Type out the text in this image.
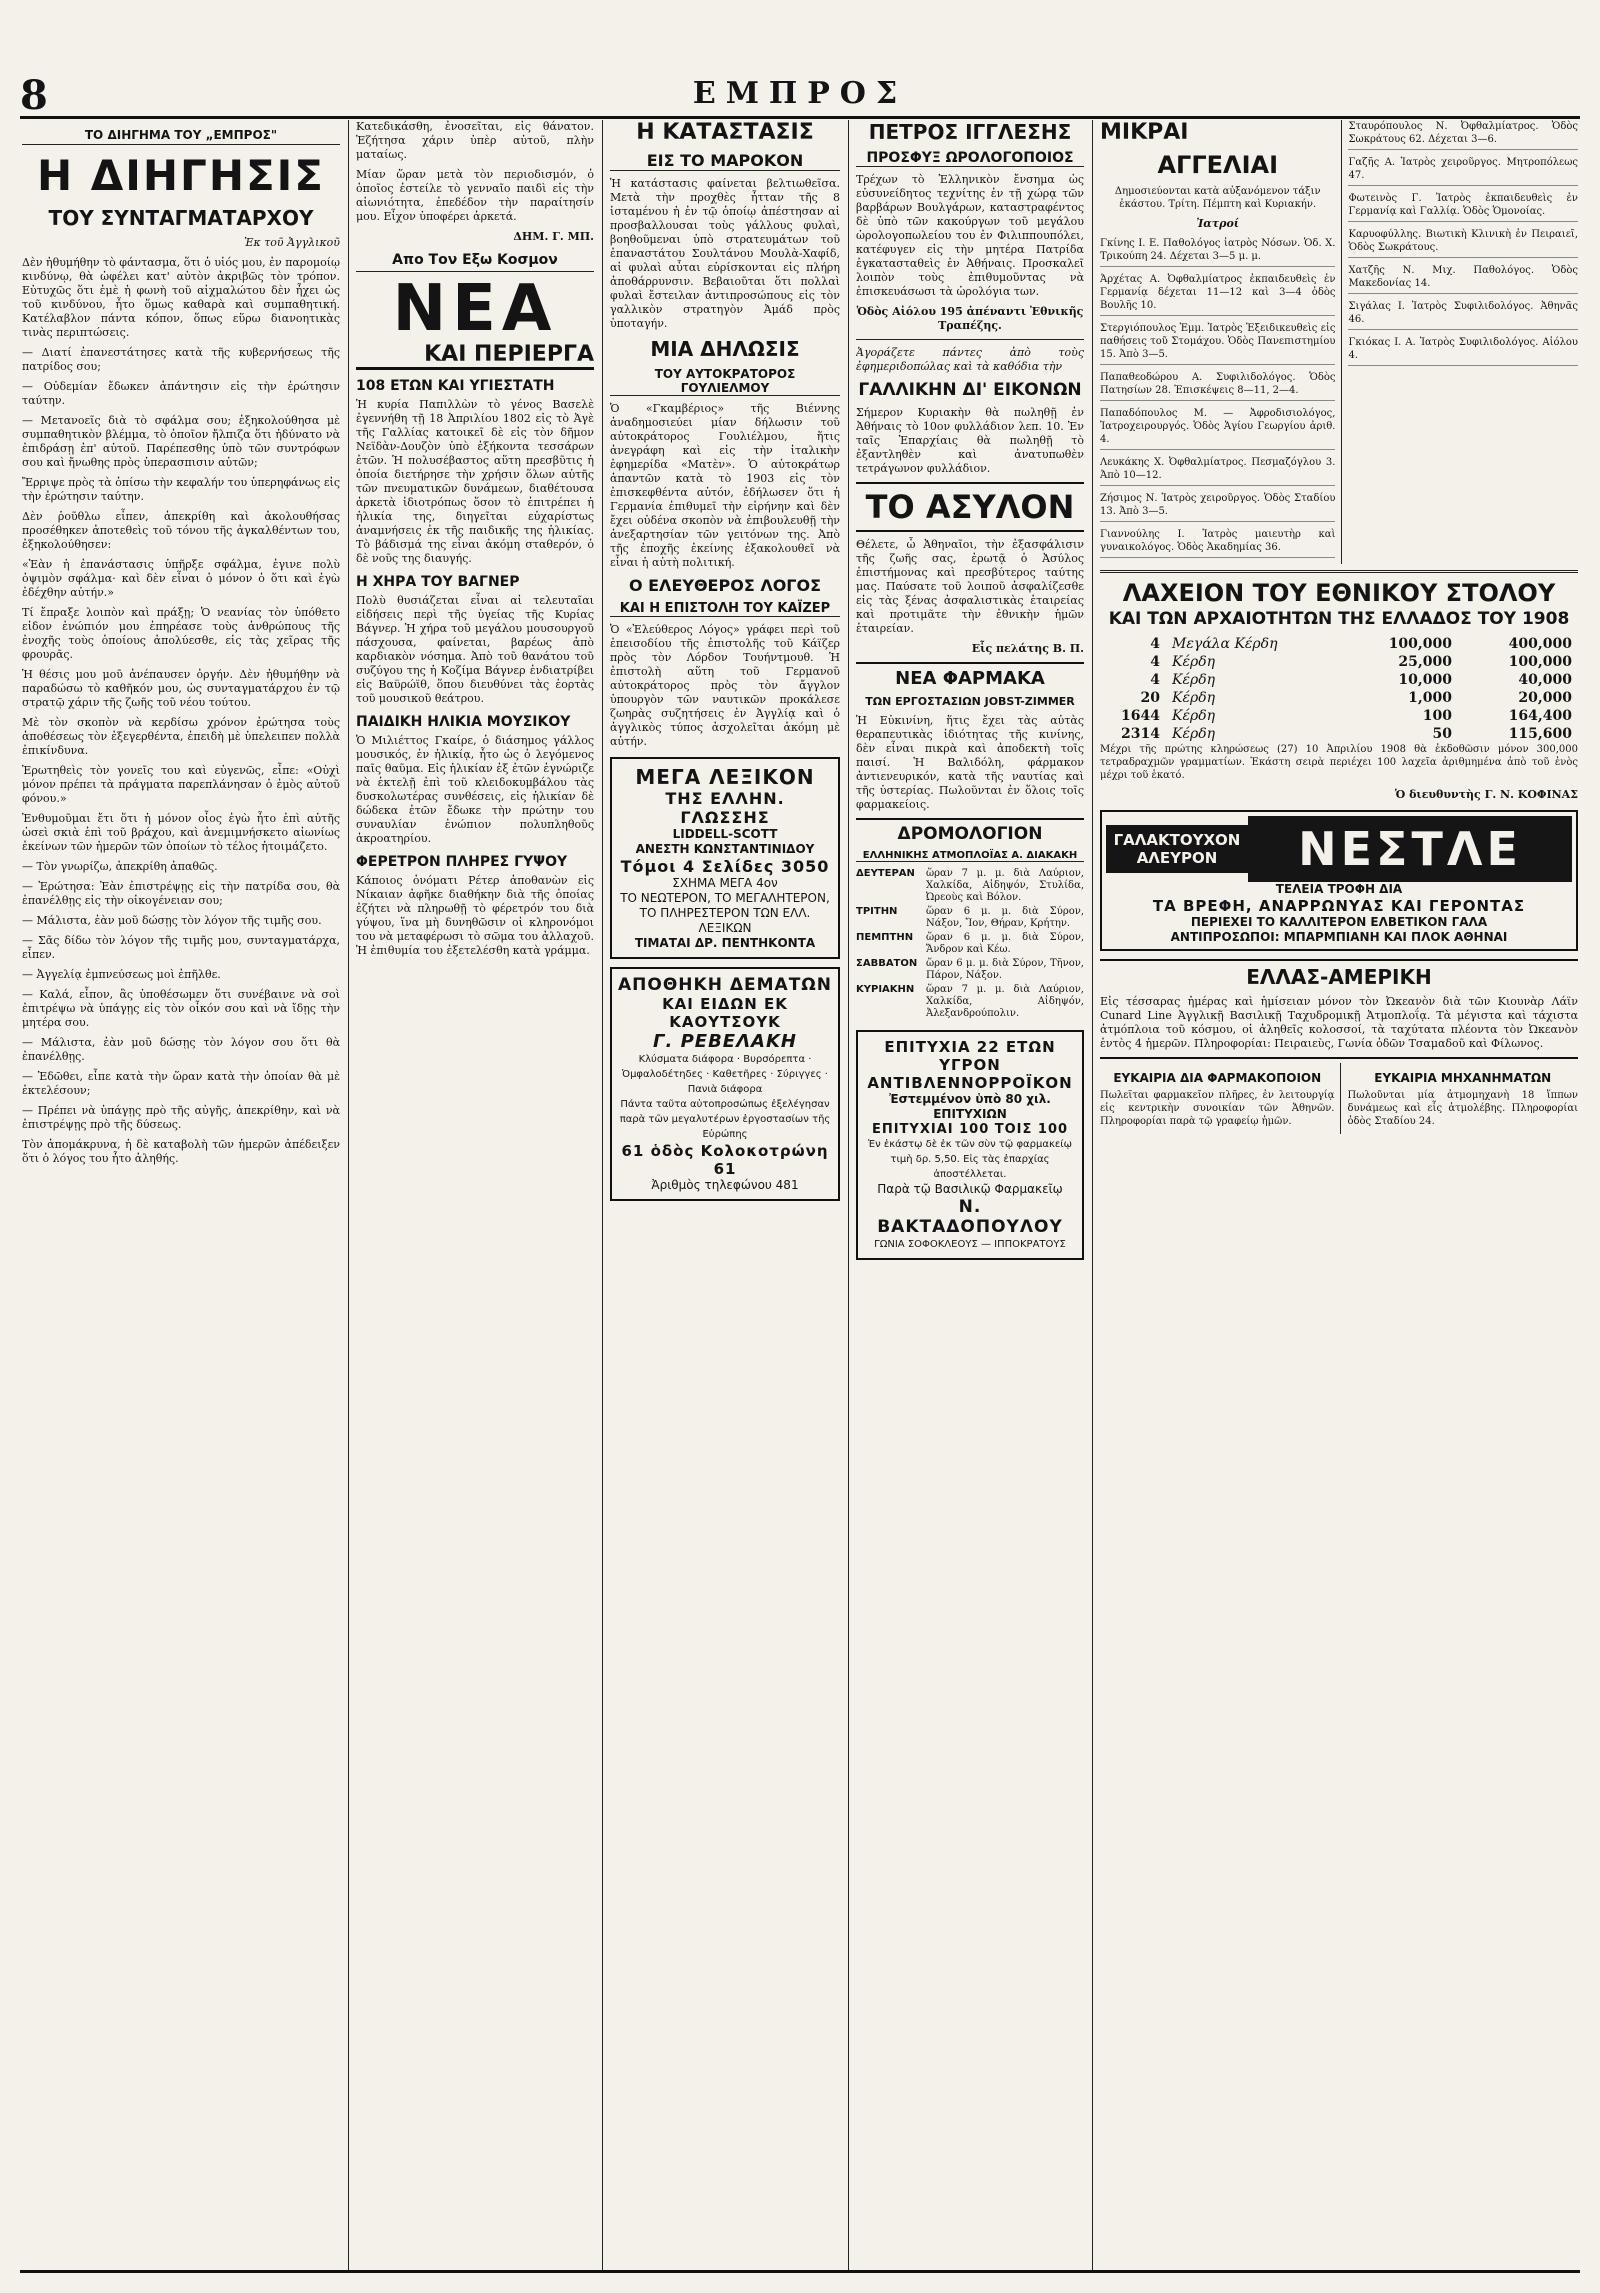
8	ΕΜΠΡΟΣ
ΤΟ ΔΙΗΓΗΜΑ ΤΟΥ „ΕΜΠΡΟΣ"
Η ΔΙΗΓΗΣΙΣ
ΤΟΥ ΣΥΝΤΑΓΜΑΤΑΡΧΟΥ
Ἐκ τοῦ Ἀγγλικοῦ

Δὲν ἠθυμήθην τὸ φάντασμα, ὅτι ὁ υἱός μου, ἐν παρομοίῳ κινδύνῳ, θὰ ὠφέλει κατ' αὐτὸν ἀκριβῶς τὸν τρόπον. Εὐτυχῶς ὅτι ἐμὲ ἡ φωνὴ τοῦ αἰχμαλώτου δὲν ἦχει ὡς τοῦ κινδύνου, ἦτο ὅμως καθαρὰ καὶ συμπαθητική. Κατέλαβλον πάντα κόπον, ὅπως εὕρω διανοητικὰς τινὰς περιπτώσεις.

— Διατί ἐπανεστάτησες κατὰ τῆς κυβερνήσεως τῆς πατρίδος σου;

— Οὐδεμίαν ἔδωκεν ἀπάντησιν εἰς τὴν ἐρώτησιν ταύτην.

— Μετανοεῖς διὰ τὸ σφάλμα σου; ἐξηκολούθησα μὲ συμπαθητικὸν βλέμμα, τὸ ὁποῖον ἤλπιζα ὅτι ἠδύνατο νὰ ἐπιδράσῃ ἐπ' αὐτοῦ. Παρέπεσθης ὑπὸ τῶν συντρόφων σου καὶ ἤνωθης πρὸς ὑπερασπισιν αὐτῶν;

Ἔρριψε πρὸς τὰ ὀπίσω τὴν κεφαλήν του ὑπερηφάνως εἰς τὴν ἐρώτησιν ταύτην.

Δὲν ῥοῦθλω εἶπεν, ἀπεκρίθη καὶ ἀκολουθήσας προσέθηκεν ἀποτεθεὶς τοῦ τόνου τῆς ἀγκαλθέντων του, ἐξηκολούθησεν:

«Ἐὰν ἡ ἐπανάστασις ὑπῆρξε σφάλμα, ἐγινε πολὺ ὀψιμὸν σφάλμα· καὶ δὲν εἶναι ὁ μόνον ὁ ὅτι καὶ ἐγὼ ἐδέχθην αὐτήν.»

Τί ἔπραξε λοιπὸν καὶ πράξῃ; Ὁ νεανίας τὸν ὑπόθετο εἰδον ἐνώπιόν μου ἐπηρέασε τοὺς ἀνθρώπους τῆς ἐνοχῆς τοὺς ὁποίους ἀπολύεσθε, εἰς τὰς χεῖρας τῆς φρουρᾶς.

Ἡ θέσις μου μοῦ ἀνέπαυσεν ὀργήν. Δὲν ἠθυμήθην νὰ παραδώσω τὸ καθῆκόν μου, ὡς συνταγματάρχου ἐν τῷ στρατῷ χάριν τῆς ζωῆς τοῦ νέου τούτου.

Μὲ τὸν σκοπὸν νὰ κερδίσω χρόνον ἐρώτησα τοὺς ἀποθέσεως τὸν ἐξεγερθέντα, ἐπειδὴ μὲ ὑπελειπεν πολλὰ ἐπικίνδυνα.

Ἐρωτηθεὶς τὸν γονεῖς του καὶ εὐγενῶς, εἶπε: «Οὐχὶ μόνον πρέπει τὰ πράγματα παρεπλάνησαν ὁ ἐμὸς αὐτοῦ φόνου.»

Ἐνθυμοῦμαι ἔτι ὅτι ἡ μόνον οἷος ἐγὼ ἦτο ἐπὶ αὐτῆς ὡσεὶ σκιὰ ἐπὶ τοῦ βράχου, καὶ ἀνεμιμνήσκετο αἰωνίως ἐκείνων τῶν ἡμερῶν τῶν ὁποίων τὸ τέλος ἠτοιμάζετο.

— Τὸν γνωρίζω, ἀπεκρίθη ἀπαθῶς.

— Ἐρώτησα: Ἐὰν ἐπιστρέψῃς εἰς τὴν πατρίδα σου, θὰ ἐπανέλθῃς εἰς τὴν οἰκογένειαν σου;

— Μάλιστα, ἐὰν μοῦ δώσῃς τὸν λόγον τῆς τιμῆς σου.

— Σᾶς δίδω τὸν λόγον τῆς τιμῆς μου, συνταγματάρχα, εἶπεν.

— Ἀγγελίᾳ ἐμπνεύσεως μοὶ ἐπῆλθε.

— Καλά, εἶπον, ἂς ὑποθέσωμεν ὅτι συνέβαινε νὰ σοὶ ἐπιτρέψω νὰ ὑπάγῃς εἰς τὸν οἶκόν σου καὶ νὰ ἴδῃς τὴν μητέρα σου.

— Μάλιστα, ἐὰν μοῦ δώσῃς τὸν λόγον σου ὅτι θὰ ἐπανέλθῃς.

— Ἐδῶθει, εἶπε κατὰ τὴν ὥραν κατὰ τὴν ὁποίαν θὰ μὲ ἐκτελέσουν;

— Πρέπει νὰ ὑπάγῃς πρὸ τῆς αὐγῆς, ἀπεκρίθην, καὶ νὰ ἐπιστρέψῃς πρὸ τῆς δύσεως.

Τὸν ἀπομάκρυνα, ἡ δὲ καταβολὴ τῶν ἡμερῶν ἀπέδειξεν ὅτι ὁ λόγος του ἦτο ἀληθής.

Κατεδικάσθη, ἐνοσεῖται, εἰς θάνατον. Ἐζήτησα χάριν ὑπὲρ αὐτοῦ, πλὴν ματαίως.

Μίαν ὥραν μετὰ τὸν περιοδισμόν, ὁ ὁποῖος ἐστείλε τὸ γενναῖο παιδὶ εἰς τὴν αἰωνιότητα, ἐπεδέδον τὴν παραίτησίν μου. Εἶχον ὑποφέρει ἀρκετά.

ΔΗΜ. Γ. ΜΠ.
Απο Τον Εξω Κοσμον
ΝΕΑ
ΚΑΙ ΠΕΡΙΕΡΓΑ
108 ΕΤΩΝ ΚΑΙ ΥΓΙΕΣΤΑΤΗ
Ἡ κυρία Παπιλλὼν τὸ γένος Βασελὲ ἐγεννήθη τῇ 18 Ἀπριλίου 1802 εἰς τὸ Ἀγὲ τῆς Γαλλίας κατοικεῖ δὲ εἰς τὸν δῆμον Νεϊδὰν-Δουζὸν ὑπὸ ἐξήκοντα τεσσάρων ἐτῶν. Ἡ πολυσέβαστος αὕτη πρεσβῦτις ἡ ὁποία διετήρησε τὴν χρήσιν ὅλων αὐτῆς τῶν πνευματικῶν δυνάμεων, διαθέτουσα ἀρκετὰ ἰδιοτρόπως ὅσον τὸ ἐπιτρέπει ἡ ἡλικία της, διηγεῖται εὐχαρίστως ἀναμνήσεις ἐκ τῆς παιδικῆς της ἡλικίας. Τὸ βάδισμά της εἶναι ἀκόμη σταθερόν, ὁ δὲ νοῦς της διαυγής.
Η ΧΗΡΑ ΤΟΥ ΒΑΓΝΕΡ
Πολὺ θυσιάζεται εἶναι αἱ τελευταῖαι εἰδήσεις περὶ τῆς ὑγείας τῆς Κυρίας Βάγνερ. Ἡ χήρα τοῦ μεγάλου μουσουργοῦ πάσχουσα, φαίνεται, βαρέως ἀπὸ καρδιακὸν νόσημα. Ἀπὸ τοῦ θανάτου τοῦ συζύγου της ἡ Κοζίμα Βάγνερ ἐνδιατρίβει εἰς Βαϋρώϊθ, ὅπου διευθύνει τὰς ἑορτὰς τοῦ μουσικοῦ θεάτρου.
ΠΑΙΔΙΚΗ ΗΛΙΚΙΑ ΜΟΥΣΙΚΟΥ
Ὁ Μιλιέττος Γκαίρε, ὁ διάσημος γάλλος μουσικός, ἐν ἡλικίᾳ, ἦτο ὡς ὁ λεγόμενος παῖς θαῦμα. Εἰς ἡλικίαν ἐξ ἐτῶν ἐγνώριζε νὰ ἐκτελῇ ἐπὶ τοῦ κλειδοκυμβάλου τὰς δυσκολωτέρας συνθέσεις, εἰς ἡλικίαν δὲ δώδεκα ἐτῶν ἔδωκε τὴν πρώτην του συναυλίαν ἐνώπιον πολυπληθοῦς ἀκροατηρίου.
ΦΕΡΕΤΡΟΝ ΠΛΗΡΕΣ ΓΥΨΟΥ
Κάποιος ὀνόματι Ρέτερ ἀποθανὼν εἰς Νίκαιαν ἀφῆκε διαθήκην διὰ τῆς ὁποίας ἐζήτει νὰ πληρωθῇ τὸ φέρετρόν του διὰ γύψου, ἵνα μὴ δυνηθῶσιν οἱ κληρονόμοι του νὰ μεταφέρωσι τὸ σῶμα του ἀλλαχοῦ. Ἡ ἐπιθυμία του ἐξετελέσθη κατὰ γράμμα.
Η ΚΑΤΑΣΤΑΣΙΣ
ΕΙΣ ΤΟ ΜΑΡΟΚΟΝ
Ἡ κατάστασις φαίνεται βελτιωθεῖσα. Μετὰ τὴν προχθὲς ἧτταν τῆς 8 ἰσταμένου ἡ ἐν τῷ ὁποίῳ ἀπέστησαν αἱ προσβαλλουσαι τοὺς γάλλους φυλαὶ, βοηθοῦμεναι ὑπὸ στρατευμάτων τοῦ ἐπαναστάτου Σουλτάνου Μουλὰ-Χαφίδ, αἱ φυλαὶ αὗται εὑρίσκονται εἰς πλήρη ἀποθάρρυνσιν. Βεβαιοῦται ὅτι πολλαὶ φυλαὶ ἔστειλαν ἀντιπροσώπους εἰς τὸν γαλλικὸν στρατηγὸν Ἀμάδ πρὸς ὑποταγήν.
ΜΙΑ ΔΗΛΩΣΙΣ
ΤΟΥ ΑΥΤΟΚΡΑΤΟΡΟΣ ΓΟΥΛΙΕΛΜΟΥ
Ὁ «Γκαμβέριος» τῆς Βιέννης ἀναδημοσιεύει μίαν δήλωσιν τοῦ αὐτοκράτορος Γουλιέλμου, ἥτις ἀνεγράφη καὶ εἰς τὴν ἰταλικὴν ἐφημερίδα «Ματὲν». Ὁ αὐτοκράτωρ ἀπαντῶν κατὰ τὸ 1903 εἰς τὸν ἐπισκεφθέντα αὐτόν, ἐδήλωσεν ὅτι ἡ Γερμανία ἐπιθυμεῖ τὴν εἰρήνην καὶ δὲν ἔχει οὐδένα σκοπὸν νὰ ἐπιβουλευθῇ τὴν ἀνεξαρτησίαν τῶν γειτόνων της. Ἀπὸ τῆς ἐποχῆς ἐκείνης ἐξακολουθεῖ νὰ εἶναι ἡ αὐτὴ πολιτική.
Ο ΕΛΕΥΘΕΡΟΣ ΛΟΓΟΣ
ΚΑΙ Η ΕΠΙΣΤΟΛΗ ΤΟΥ ΚΑΪΖΕΡ
Ὁ «Ἐλεύθερος Λόγος» γράφει περὶ τοῦ ἐπεισοδίου τῆς ἐπιστολῆς τοῦ Κάϊζερ πρὸς τὸν Λόρδον Τουήντμουθ. Ἡ ἐπιστολὴ αὕτη τοῦ Γερμανοῦ αὐτοκράτορος πρὸς τὸν ἄγγλον ὑπουργὸν τῶν ναυτικῶν προκάλεσε ζωηρὰς συζητήσεις ἐν Ἀγγλίᾳ καὶ ὁ ἀγγλικὸς τύπος ἀσχολεῖται ἀκόμη μὲ αὐτήν.
ΜΕΓΑ ΛΕΞΙΚΟΝ
ΤΗΣ ΕΛΛΗΝ. ΓΛΩΣΣΗΣ
LIDDELL-SCOTT
ΑΝΕΣΤΗ ΚΩΝΣΤΑΝΤΙΝΙΔΟΥ
Τόμοι 4 Σελίδες 3050
ΣΧΗΜΑ ΜΕΓΑ 4ον
ΤΟ ΝΕΩΤΕΡΟΝ, ΤΟ ΜΕΓΑΛΗΤΕΡΟΝ, ΤΟ ΠΛΗΡΕΣΤΕΡΟΝ ΤΩΝ ΕΛΛ. ΛΕΞΙΚΩΝ
ΤΙΜΑΤΑΙ ΔΡ. ΠΕΝΤΗΚΟΝΤΑ
ΑΠΟΘΗΚΗ ΔΕΜΑΤΩΝ
ΚΑΙ ΕΙΔΩΝ ΕΚ ΚΑΟΥΤΣΟΥΚ
Γ. ΡΕΒΕΛΑΚΗ
Κλύσματα διάφορα · Βυρσόρεπτα · Ὀμφαλοδέτηδες · Καθετῆρες · Σύριγγες · Πανιὰ διάφορα
Πάντα ταῦτα αὐτοπροσώπως ἐξελέγησαν παρὰ τῶν μεγαλυτέρων ἐργοστασίων τῆς Εὐρώπης
61 ὁδὸς Κολοκοτρώνη 61
Ἀριθμὸς τηλεφώνου 481
ΠΕΤΡΟΣ ΙΓΓΛΕΣΗΣ
ΠΡΟΣΦΥΞ ΩΡΟΛΟΓΟΠΟΙΟΣ
Τρέχων τὸ Ἑλληνικὸν ἔνσημα ὡς εὐσυνείδητος τεχνίτης ἐν τῇ χώρᾳ τῶν βαρβάρων Βουλγάρων, καταστραφέντος δὲ ὑπὸ τῶν κακούργων τοῦ μεγάλου ὡρολογοπωλείου του ἐν Φιλιππουπόλει, κατέφυγεν εἰς τὴν μητέρα Πατρίδα ἐγκατασταθεὶς ἐν Ἀθήναις. Προσκαλεῖ λοιπὸν τοὺς ἐπιθυμοῦντας νὰ ἐπισκευάσωσι τὰ ὡρολόγια των.
Ὁδὸς Αἰόλου 195 ἀπέναντι Ἐθνικῆς Τραπέζης.
Ἀγοράζετε πάντες ἀπὸ τοὺς ἐφημεριδοπώλας καὶ τὰ καθόδια τὴν
ΓΑΛΛΙΚΗΝ ΔΙ' ΕΙΚΟΝΩΝ
Σήμερον Κυριακὴν θὰ πωληθῇ ἐν Ἀθήναις τὸ 10ον φυλλάδιον λεπ. 10. Ἐν ταῖς Ἐπαρχίαις θὰ πωληθῇ τὸ ἐξαντληθὲν καὶ ἀνατυπωθὲν τετράγωνον φυλλάδιον.
ΤΟ ΑΣΥΛΟΝ
Θέλετε, ὦ Ἀθηναῖοι, τὴν ἐξασφάλισιν τῆς ζωῆς σας, ἐρωτᾷ ὁ Ἀσύλος ἐπιστήμονας καὶ πρεσβύτερος ταύτης μας. Παύσατε τοῦ λοιποῦ ἀσφαλίζεσθε εἰς τὰς ξένας ἀσφαλιστικὰς ἑταιρείας καὶ προτιμᾶτε τὴν ἐθνικὴν ἡμῶν ἑταιρείαν.
Εἷς πελάτης Β. Π.
ΝΕΑ ΦΑΡΜΑΚΑ
ΤΩΝ ΕΡΓΟΣΤΑΣΙΩΝ JOBST-ZIMMER
Ἡ Εὐκινίνη, ἥτις ἔχει τὰς αὐτὰς θεραπευτικὰς ἰδιότητας τῆς κινίνης, δὲν εἶναι πικρὰ καὶ ἀποδεκτὴ τοῖς παισί. Ἡ Βαλιδόλη, φάρμακον ἀντιενευρικόν, κατὰ τῆς ναυτίας καὶ τῆς ὑστερίας. Πωλοῦνται ἐν ὅλοις τοῖς φαρμακείοις.
ΔΡΟΜΟΛΟΓΙΟΝ
ΕΛΛΗΝΙΚΗΣ ΑΤΜΟΠΛΟΪΑΣ Α. ΔΙΑΚΑΚΗ
ΔΕΥΤΕΡΑΝ	ὥραν 7 μ. μ. διὰ Λαύριον, Χαλκίδα, Αἰδηψόν, Στυλίδα, Ὠρεοὺς καὶ Βόλον.
ΤΡΙΤΗΝ	ὥραν 6 μ. μ. διὰ Σύρον, Νάξον, Ἴον, Θήραν, Κρήτην.
ΠΕΜΠΤΗΝ	ὥραν 6 μ. μ. διὰ Σύρον, Ἄνδρον καὶ Κέω.
ΣΑΒΒΑΤΟΝ ὥραν 6 μ. μ. διὰ Σύρον, Τῆνον, Πάρον, Νάξον.
ΚΥΡΙΑΚΗΝ	ὥραν 7 μ. μ. διὰ Λαύριον, Χαλκίδα, Αἰδηψόν, Ἀλεξανδρούπολιν.
ΕΠΙΤΥΧΙΑ 22 ΕΤΩΝ
ΥΓΡΟΝ ΑΝΤΙΒΛΕΝΝΟΡΡΟΪΚΟΝ
Ἐστεμμένον ὑπὸ 80 χιλ. ΕΠΙΤΥΧΙΩΝ
ΕΠΙΤΥΧΙΑΙ 100 ΤΟΙΣ 100
Ἐν ἑκάστῳ δὲ ἐκ τῶν σὺν τῷ φαρμακείῳ τιμὴ δρ. 5,50. Εἰς τὰς ἐπαρχίας ἀποστέλλεται.
Παρὰ τῷ Βασιλικῷ Φαρμακεῖῳ
Ν. ΒΑΚΤΑΔΟΠΟΥΛΟΥ
ΓΩΝΙΑ ΣΟΦΟΚΛΕΟΥΣ — ΙΠΠΟΚΡΑΤΟΥΣ
ΜΙΚΡΑΙ
ΑΓΓΕΛΙΑΙ
Δημοσιεύονται κατὰ αὐξανόμενον τάξιν ἐκάστου. Τρίτη. Πέμπτη καὶ Κυριακήν.
Ἰατροί
Γκίνης Ι. Ε. Παθολόγος ἰατρὸς Νόσων. Ὁδ. Χ. Τρικούπη 24. Δέχεται 3—5 μ. μ.
Ἀρχέτας Α. Ὀφθαλμίατρος ἐκπαιδευθεὶς ἐν Γερμανίᾳ δέχεται 11—12 καὶ 3—4 ὁδὸς Βουλῆς 10.
Στεργιόπουλος Ἑμμ. Ἰατρὸς Ἐξειδικευθεὶς εἰς παθήσεις τοῦ Στομάχου. Ὁδὸς Πανεπιστημίου 15. Ἀπὸ 3—5.
Παπαθεοδώρου Α. Συφιλιδολόγος. Ὁδὸς Πατησίων 28. Ἐπισκέψεις 8—11, 2—4.
Παπαδόπουλος Μ. — Ἀφροδισιολόγος, Ἰατροχειρουργός. Ὁδὸς Ἁγίου Γεωργίου ἀριθ. 4.
Λευκάκης Χ. Ὀφθαλμίατρος. Πεσμαζόγλου 3. Ἀπὸ 10—12.
Ζήσιμος Ν. Ἰατρὸς χειροῦργος. Ὁδὸς Σταδίου 13. Ἀπὸ 3—5.
Γιαννούλης Ι. Ἰατρὸς μαιευτὴρ καὶ γυναικολόγος. Ὁδὸς Ἀκαδημίας 36.
Σταυρόπουλος Ν. Ὀφθαλμίατρος. Ὁδὸς Σωκράτους 62. Δέχεται 3—6.
Γαζῆς Α. Ἰατρὸς χειροῦργος. Μητροπόλεως 47.
Φωτεινὸς Γ. Ἰατρὸς ἐκπαιδευθεὶς ἐν Γερμανίᾳ καὶ Γαλλίᾳ. Ὁδὸς Ὁμονοίας.
Καρυοφύλλης. Βιωτικὴ Κλινικὴ ἐν Πειραιεῖ, Ὁδὸς Σωκράτους.
Χατζῆς Ν. Μιχ. Παθολόγος. Ὁδὸς Μακεδονίας 14.
Σιγάλας Ι. Ἰατρὸς Συφιλιδολόγος. Ἀθηνᾶς 46.
Γκιόκας Ι. Α. Ἰατρὸς Συφιλιδολόγος. Αἰόλου 4.
ΛΑΧΕΙΟΝ ΤΟΥ ΕΘΝΙΚΟΥ ΣΤΟΛΟΥ
ΚΑΙ ΤΩΝ ΑΡΧΑΙΟΤΗΤΩΝ ΤΗΣ ΕΛΛΑΔΟΣ ΤΟΥ 1908
4 Μεγάλα Κέρδη	100,000	400,000
4 Κέρδη	25,000	100,000
4 Κέρδη	10,000	40,000
20 Κέρδη	1,000	20,000
1644 Κέρδη	100	164,400
2314 Κέρδη	50	115,600
Μέχρι τῆς πρώτης κληρώσεως (27) 10 Ἀπριλίου 1908 θὰ ἐκδοθῶσιν μόνον 300,000 τετραδραχμῶν γραμματίων. Ἐκάστη σειρὰ περιέχει 100 λαχεῖα ἀριθμημένα ἀπὸ τοῦ ἑνὸς μέχρι τοῦ ἑκατό.
Ὁ διευθυντὴς Γ. Ν. ΚΟΦΙΝΑΣ
ΓΑΛΑΚΤΟΥΧΟΝ ΑΛΕΥΡΟΝ	ΝΕΣΤΛΕ
ΤΕΛΕΙΑ ΤΡΟΦΗ ΔΙΑ
ΤΑ ΒΡΕΦΗ, ΑΝΑΡΡΩΝΥΑΣ ΚΑΙ ΓΕΡΟΝΤΑΣ
ΠΕΡΙΕΧΕΙ ΤΟ ΚΑΛΛΙΤΕΡΟΝ ΕΛΒΕΤΙΚΟΝ ΓΑΛΑ
ΑΝΤΙΠΡΟΣΩΠΟΙ: ΜΠΑΡΜΠΙΑΝΗ ΚΑΙ ΠΛΟΚ ΑΘΗΝΑΙ
ΕΛΛΑΣ-ΑΜΕΡΙΚΗ
Εἰς τέσσαρας ἡμέρας καὶ ἡμίσειαν μόνον τὸν Ὠκεανὸν διὰ τῶν Κιουνὰρ Λάϊν Cunard Line Ἀγγλικῇ Βασιλικῇ Ταχυδρομικῇ Ἀτμοπλοΐᾳ. Τὰ μέγιστα καὶ τάχιστα ἀτμόπλοια τοῦ κόσμου, οἱ ἀληθεῖς κολοσσοί, τὰ ταχύτατα πλέοντα τὸν Ὠκεανὸν ἐντὸς 4 ἡμερῶν. Πληροφορίαι: Πειραιεὺς, Γωνία ὁδῶν Τσαμαδοῦ καὶ Φίλωνος.
ΕΥΚΑΙΡΙΑ ΔΙΑ ΦΑΡΜΑΚΟΠΟΙΟΝ
Πωλεῖται φαρμακεῖον πλῆρες, ἐν λειτουργίᾳ εἰς κεντρικὴν συνοικίαν τῶν Ἀθηνῶν. Πληροφορίαι παρὰ τῷ γραφείῳ ἡμῶν.
ΕΥΚΑΙΡΙΑ ΜΗΧΑΝΗΜΑΤΩΝ
Πωλοῦνται μία ἀτμομηχανὴ 18 ἵππων δυνάμεως καὶ εἷς ἀτμολέβης. Πληροφορίαι ὁδὸς Σταδίου 24.
